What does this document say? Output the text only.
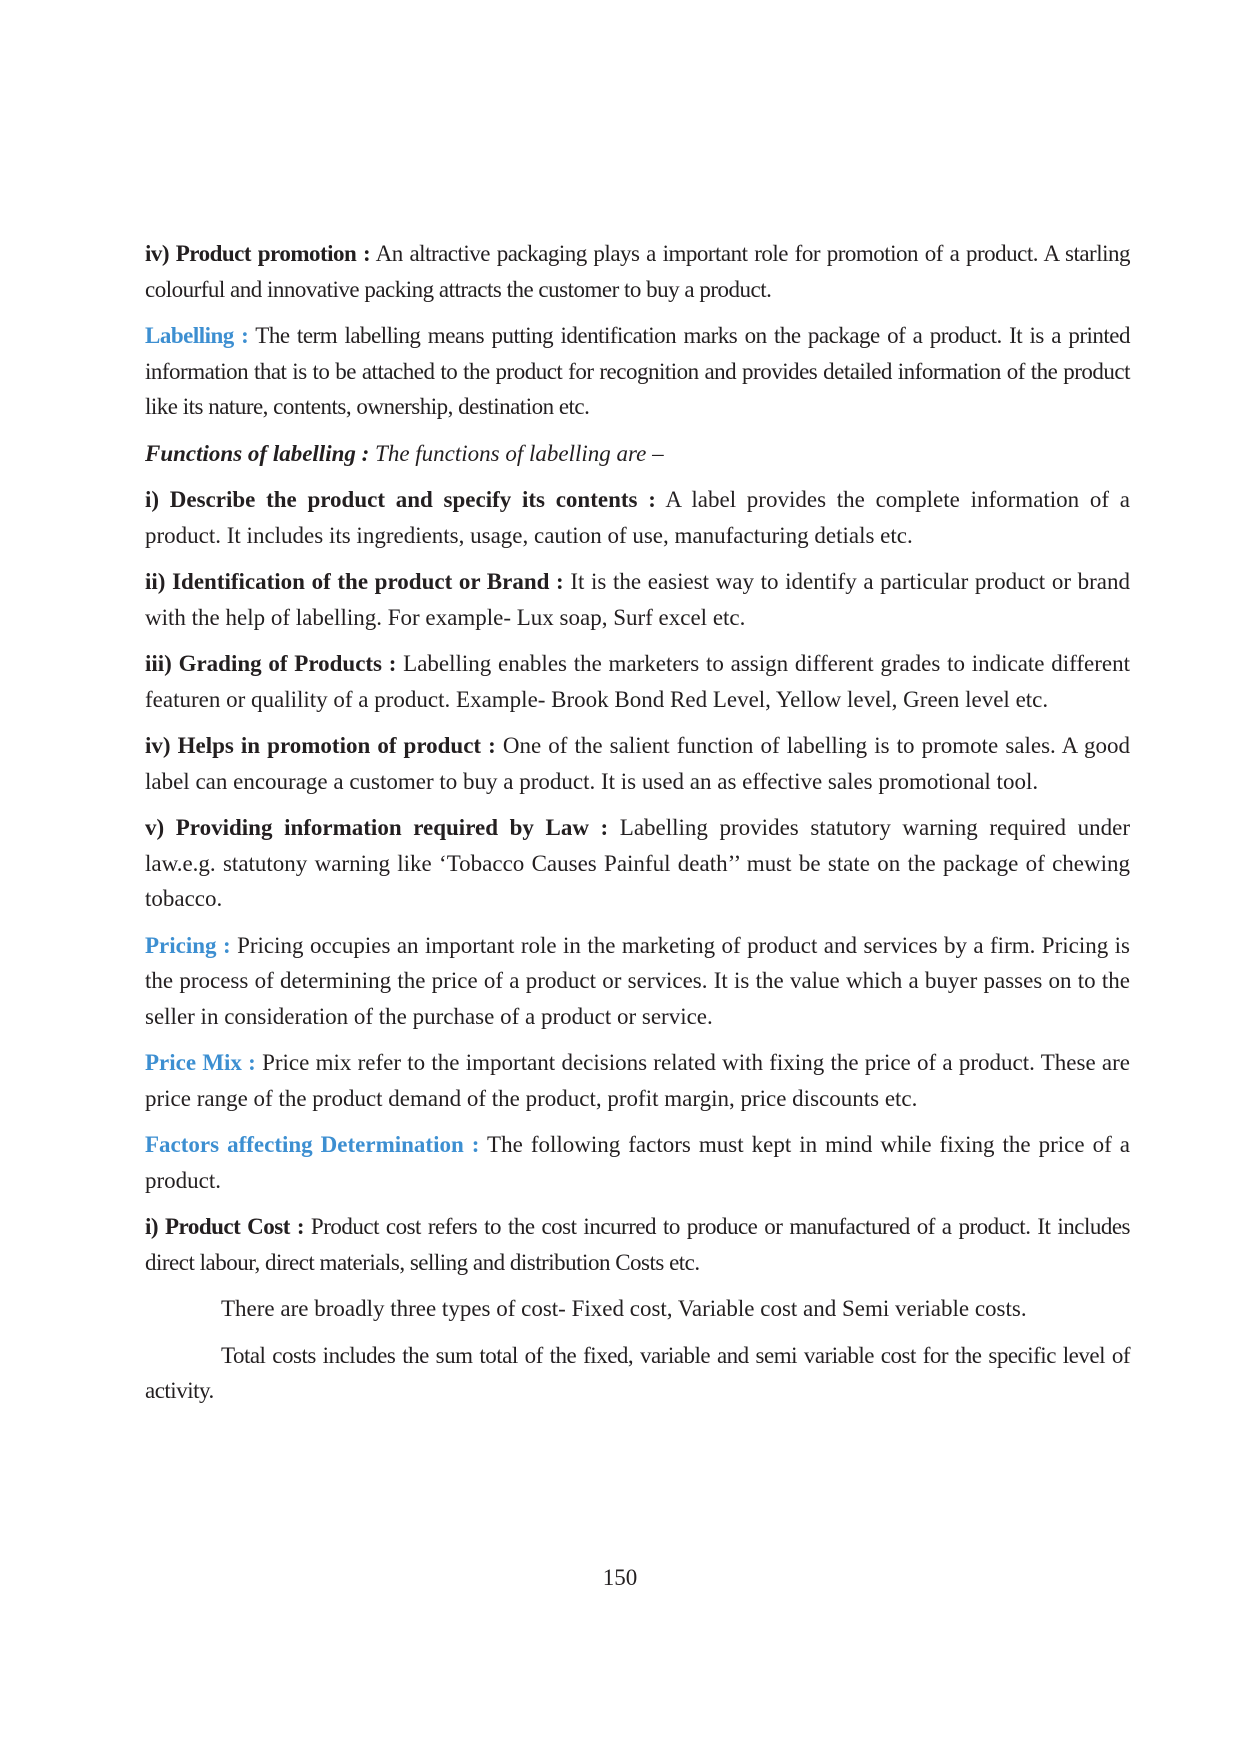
iv) Product promotion : An altractive packaging plays a important role for promotion of a product. A starling colourful and innovative packing attracts the customer to buy a product.

Labelling : The term labelling means putting identification marks on the package of a product. It is a printed information that is to be attached to the product for recognition and provides detailed information of the product like its nature, contents, ownership, destination etc.

Functions of labelling : The functions of labelling are –

i) Describe the product and specify its contents : A label provides the complete information of a product. It includes its ingredients, usage, caution of use, manufacturing detials etc.

ii) Identification of the product or Brand : It is the easiest way to identify a particular product or brand with the help of labelling. For example- Lux soap, Surf excel etc.

iii) Grading of Products : Labelling enables the marketers to assign different grades to indicate different featuren or qualility of a product. Example- Brook Bond Red Level, Yellow level, Green level etc.

iv) Helps in promotion of product : One of the salient function of labelling is to promote sales. A good label can encourage a customer to buy a product. It is used an as effective sales promotional tool.

v) Providing information required by Law : Labelling provides statutory warning required under law.e.g. statutony warning like ‘Tobacco Causes Painful death’’ must be state on the package of chewing tobacco.

Pricing : Pricing occupies an important role in the marketing of product and services by a firm. Pricing is the process of determining the price of a product or services. It is the value which a buyer passes on to the seller in consideration of the purchase of a product or service.

Price Mix : Price mix refer to the important decisions related with fixing the price of a product. These are price range of the product demand of the product, profit margin, price discounts etc.

Factors affecting Determination : The following factors must kept in mind while fixing the price of a product.

i) Product Cost : Product cost refers to the cost incurred to produce or manufactured of a product. It includes direct labour, direct materials, selling and distribution Costs etc.

There are broadly three types of cost- Fixed cost, Variable cost and Semi veriable costs.

Total costs includes the sum total of the fixed, variable and semi variable cost for the specific level of activity.

150
